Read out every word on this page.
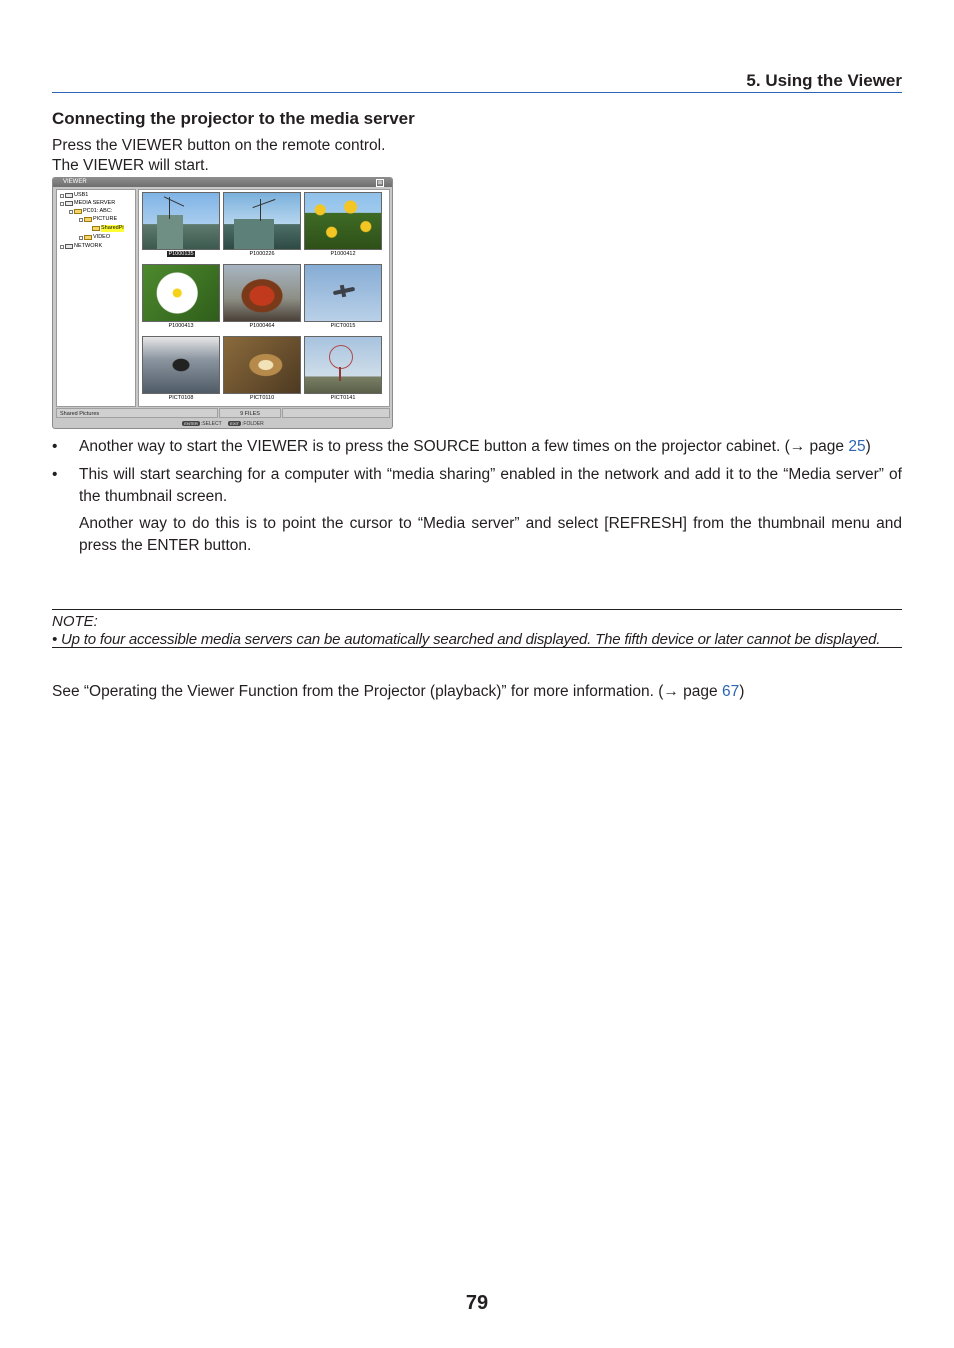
5. Using the Viewer
Connecting the projector to the media server
Press the VIEWER button on the remote control.
The VIEWER will start.
VIEWER	⊠
USB1
MEDIA SERVER
PC01: ABC:
PICTURE
SharedPi
VIDEO
NETWORK
P1000135	P1000226	P1000412
P1000413	P1000464	PICT0015
PICT0108	PICT0110	PICT0141
Shared Pictures	9 FILES
ENTER :SELECT EXIT :FOLDER
• Another way to start the VIEWER is to press the SOURCE button a few times on the projector cabinet. (→ page 25)
• This will start searching for a computer with “media sharing” enabled in the network and add it to the “Media server” of the thumbnail screen.
Another way to do this is to point the cursor to “Media server” and select [REFRESH] from the thumbnail menu and press the ENTER button.
NOTE:
• Up to four accessible media servers can be automatically searched and displayed. The fifth device or later cannot be displayed.
See “Operating the Viewer Function from the Projector (playback)” for more information. (→ page 67)
79
